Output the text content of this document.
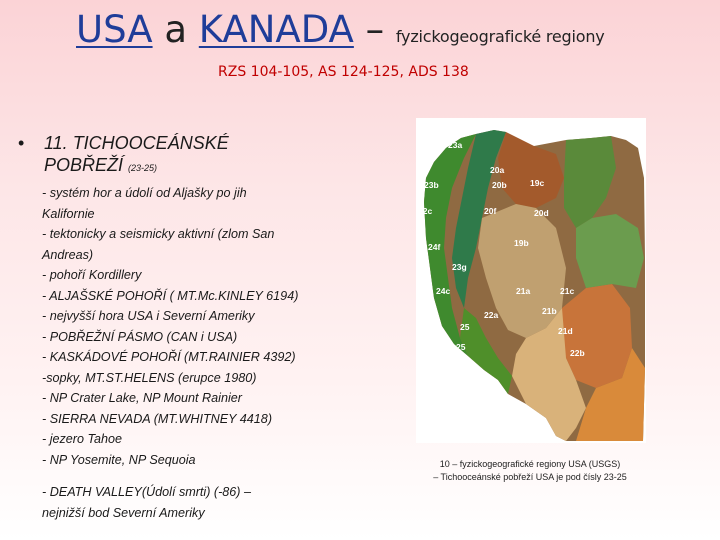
USA a KANADA – fyzickogeografické regiony
RZS 104-105, AS 124-125, ADS 138
• 11. TICHOOCEÁNSKÉ
POBŘEŽÍ (23-25)
- systém hor a údolí od Aljašky po jih
Kalifornie
- tektonicky a seismicky aktivní (zlom San
Andreas)
- pohoří Kordillery
- ALJAŠSKÉ POHOŘÍ ( MT.Mc.KINLEY 6194)
- nejvyšší hora USA i Severní Ameriky
- POBŘEŽNÍ PÁSMO (CAN i USA)
- KASKÁDOVÉ POHOŘÍ (MT.RAINIER 4392)
-sopky, MT.ST.HELENS (erupce 1980)
- NP Crater Lake, NP Mount Rainier
- SIERRA NEVADA (MT.WHITNEY 4418)
- jezero Tahoe
- NP Yosemite, NP Sequoia
- DEATH VALLEY(Údolí smrti) (-86) –
nejnižší bod Severní Ameriky
24a
23a
20a
23b	20b	19c
22c	20f	20d
24f	19b
23g
21a	21c
24c
21b
22a
25	21d
22b
25
10 – fyzickogeografické regiony USA (USGS)
– Tichooceánské pobřeží USA je pod čísly 23-25
